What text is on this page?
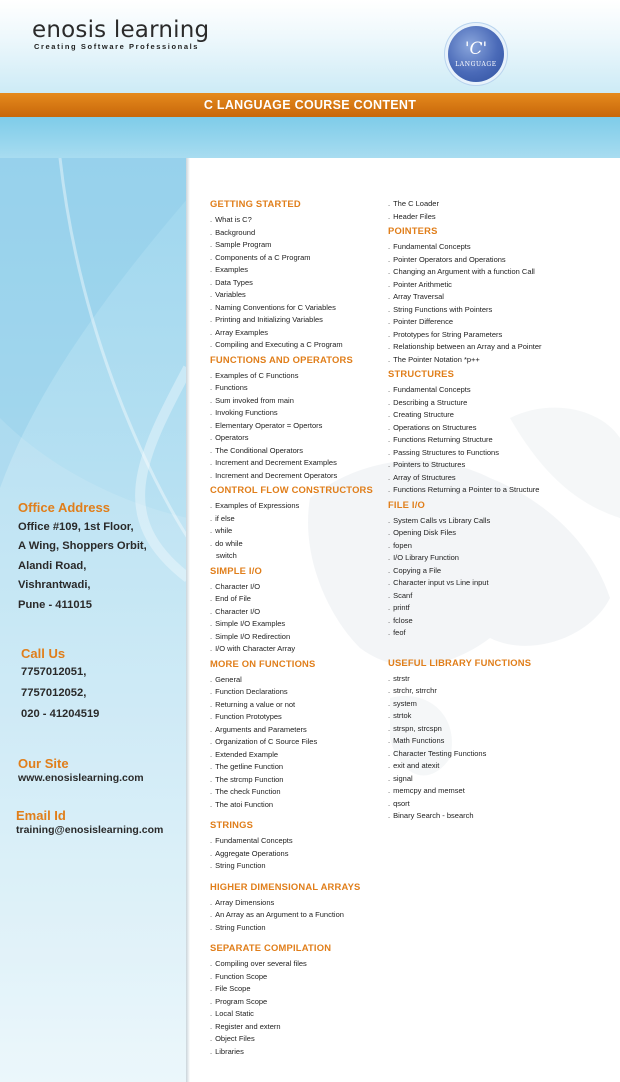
enosis learning
Creating Software Professionals	'C'
LANGUAGE
C LANGUAGE COURSE CONTENT
Office Address
Office #109, 1st Floor,
A Wing, Shoppers Orbit,
Alandi Road,
Vishrantwadi,
Pune - 411015
Call Us
7757012051,
7757012052,
020 - 41204519
Our Site
www.enosislearning.com
Email Id
training@enosislearning.com
GETTING STARTED
. What is C?
. Background
. Sample Program
. Components of a C Program
. Examples
. Data Types
. Variables
. Naming Conventions for C Variables
. Printing and Initializing Variables
. Array Examples
. Compiling and Executing a C Program
FUNCTIONS AND OPERATORS
. Examples of C Functions
. Functions
. Sum invoked from main
. Invoking Functions
. Elementary Operator = Opertors
. Operators
. The Conditional Operators
. Increment and Decrement Examples
. Increment and Decrement Operators
CONTROL FLOW CONSTRUCTORS
. Examples of Expressions
. if else
. while
. do while
switch
SIMPLE I/O
. Character I/O
. End of File
. Character I/O
. Simple I/O Examples
. Simple I/O Redirection
. I/O with Character Array
MORE ON FUNCTIONS
. General
. Function Declarations
. Returning a value or not
. Function Prototypes
. Arguments and Parameters
. Organization of C Source Files
. Extended Example
. The getline Function
. The strcmp Function
. The check Function
. The atoi Function
STRINGS
. Fundamental Concepts
. Aggregate Operations
. String Function
HIGHER DIMENSIONAL ARRAYS
. Array Dimensions
. An Array as an Argument to a Function
. String Function
SEPARATE COMPILATION
. Compiling over several files
. Function Scope
. File Scope
. Program Scope
. Local Static
. Register and extern
. Object Files
. Libraries
. The C Loader
. Header Files
POINTERS
. Fundamental Concepts
. Pointer Operators and Operations
. Changing an Argument with a function Call
. Pointer Arithmetic
. Array Traversal
. String Functions with Pointers
. Pointer Difference
. Prototypes for String Parameters
. Relationship between an Array and a Pointer
. The Pointer Notation *p++
STRUCTURES
. Fundamental Concepts
. Describing a Structure
. Creating Structure
. Operations on Structures
. Functions Returning Structure
. Passing Structures to Functions
. Pointers to Structures
. Array of Structures
. Functions Returning a Pointer to a Structure
FILE I/O
. System Calls vs Library Calls
. Opening Disk Files
. fopen
. I/O Library Function
. Copying a File
. Character input vs Line input
. Scanf
. printf
. fclose
. feof
USEFUL LIBRARY FUNCTIONS
. strstr
. strchr, strrchr
. system
. strtok
. strspn, strcspn
. Math Functions
. Character Testing Functions
. exit and atexit
. signal
. memcpy and memset
. qsort
. Binary Search - bsearch
